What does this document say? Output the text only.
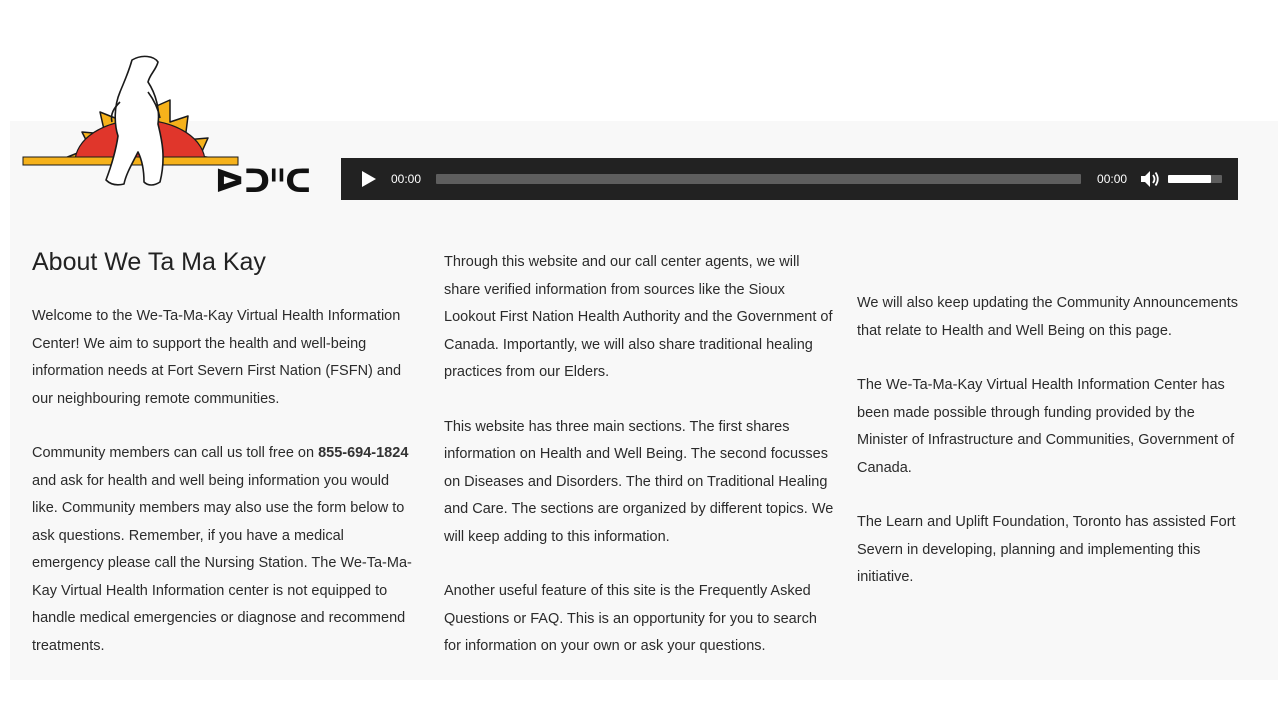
ᐅᑐᐦᑕ	00:00	00:00
About We Ta Ma Kay

Welcome to the We-Ta-Ma-Kay Virtual Health Information Center! We aim to support the health and well-being information needs at Fort Severn First Nation (FSFN) and our neighbouring remote communities.

Community members can call us toll free on 855-694-1824 and ask for health and well being information you would like. Community members may also use the form below to ask questions. Remember, if you have a medical emergency please call the Nursing Station. The We-Ta-Ma-Kay Virtual Health Information center is not equipped to handle medical emergencies or diagnose and recommend treatments.

Through this website and our call center agents, we will share verified information from sources like the Sioux Lookout First Nation Health Authority and the Government of Canada. Importantly, we will also share traditional healing practices from our Elders.

This website has three main sections. The first shares information on Health and Well Being. The second focusses on Diseases and Disorders. The third on Traditional Healing and Care. The sections are organized by different topics. We will keep adding to this information.

Another useful feature of this site is the Frequently Asked Questions or FAQ. This is an opportunity for you to search for information on your own or ask your questions.

We will also keep updating the Community Announcements that relate to Health and Well Being on this page.

The We-Ta-Ma-Kay Virtual Health Information Center has been made possible through funding provided by the Minister of Infrastructure and Communities, Government of Canada.

The Learn and Uplift Foundation, Toronto has assisted Fort Severn in developing, planning and implementing this initiative.
